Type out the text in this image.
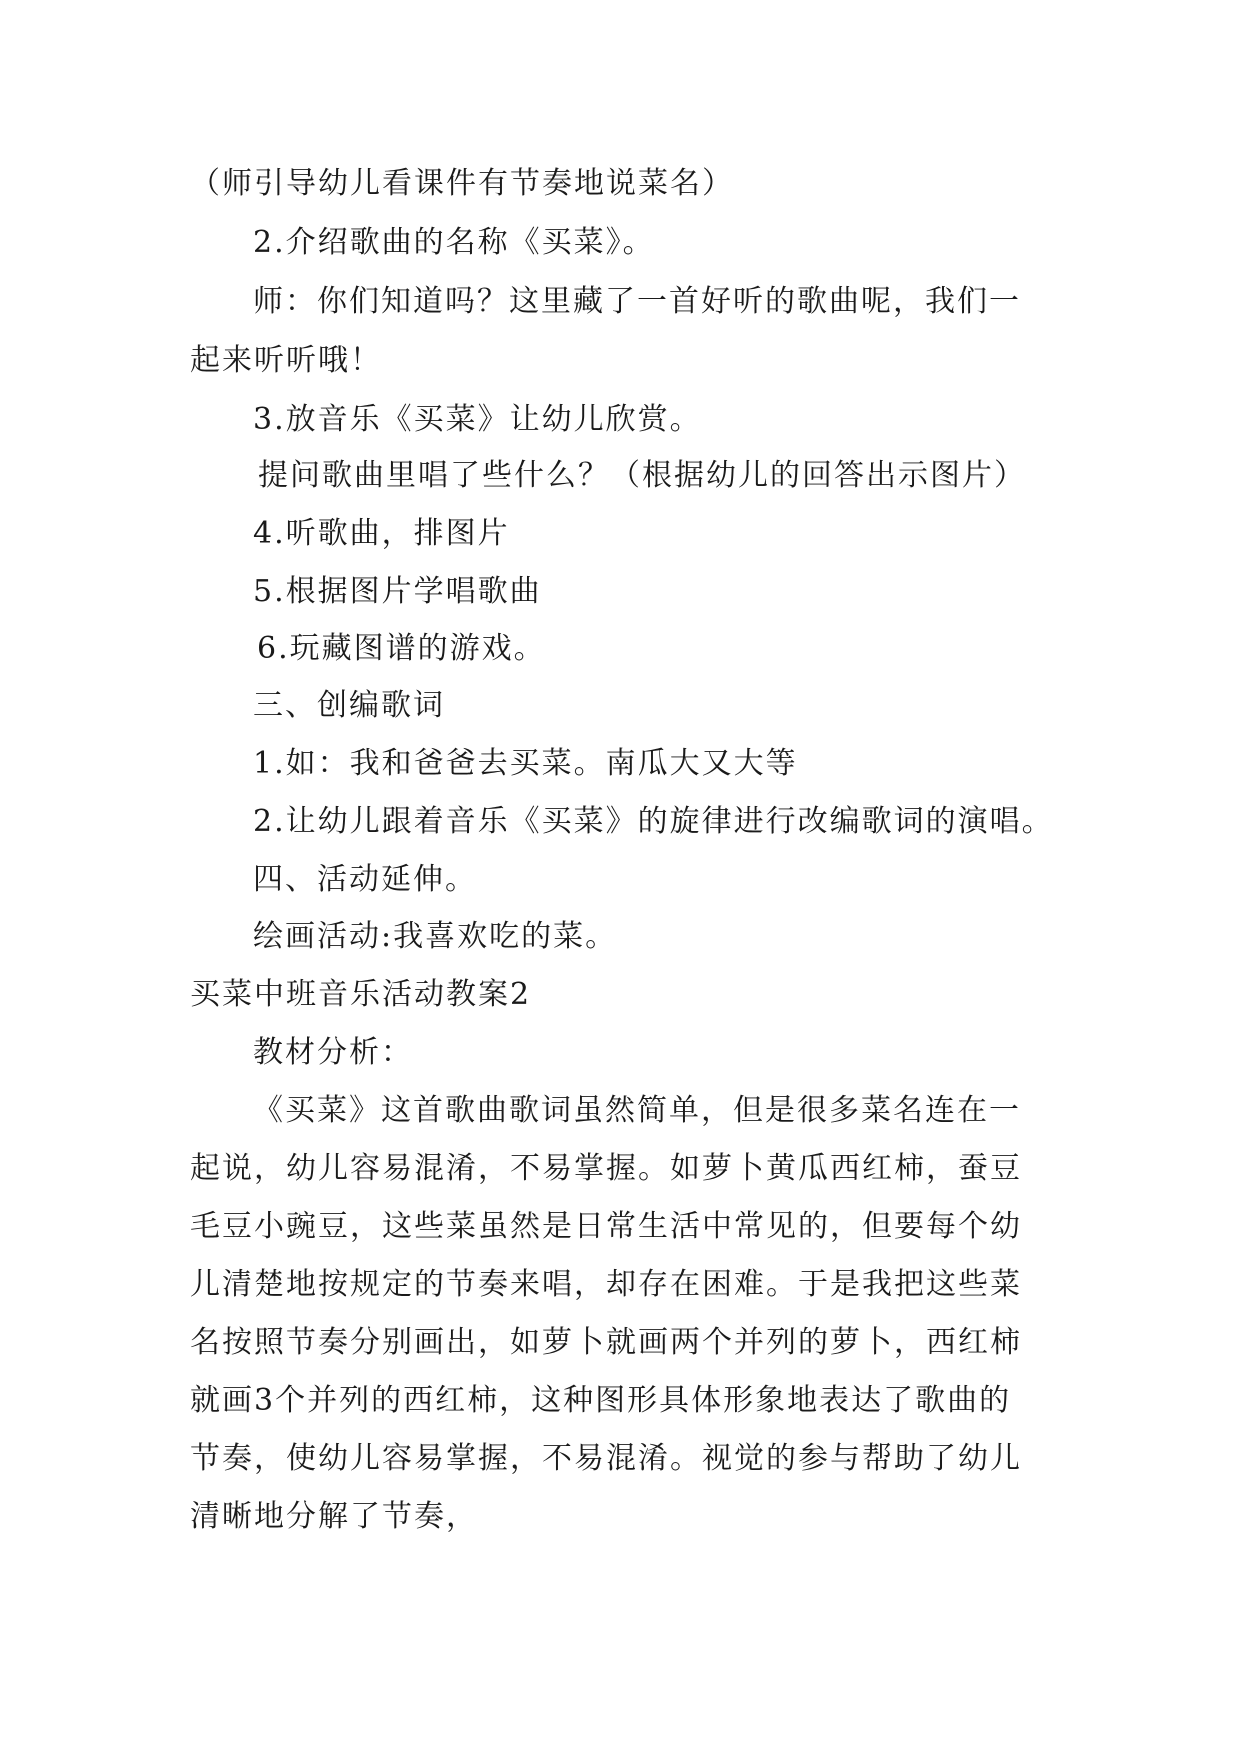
（师引导幼儿看课件有节奏地说菜名）
2.介绍歌曲的名称《买菜》。
师：你们知道吗？这里藏了一首好听的歌曲呢，我们一
起来听听哦！
3.放音乐《买菜》让幼儿欣赏。
提问歌曲里唱了些什么？（根据幼儿的回答出示图片）
4.听歌曲，排图片
5.根据图片学唱歌曲
6.玩藏图谱的游戏。
三、创编歌词
1.如：我和爸爸去买菜。南瓜大又大等
2.让幼儿跟着音乐《买菜》的旋律进行改编歌词的演唱。
四、活动延伸。
绘画活动:我喜欢吃的菜。
买菜中班音乐活动教案2
教材分析：
《买菜》这首歌曲歌词虽然简单，但是很多菜名连在一
起说，幼儿容易混淆，不易掌握。如萝卜黄瓜西红柿，蚕豆
毛豆小豌豆，这些菜虽然是日常生活中常见的，但要每个幼
儿清楚地按规定的节奏来唱，却存在困难。于是我把这些菜
名按照节奏分别画出，如萝卜就画两个并列的萝卜，西红柿
就画3个并列的西红柿，这种图形具体形象地表达了歌曲的
节奏，使幼儿容易掌握，不易混淆。视觉的参与帮助了幼儿
清晰地分解了节奏，
